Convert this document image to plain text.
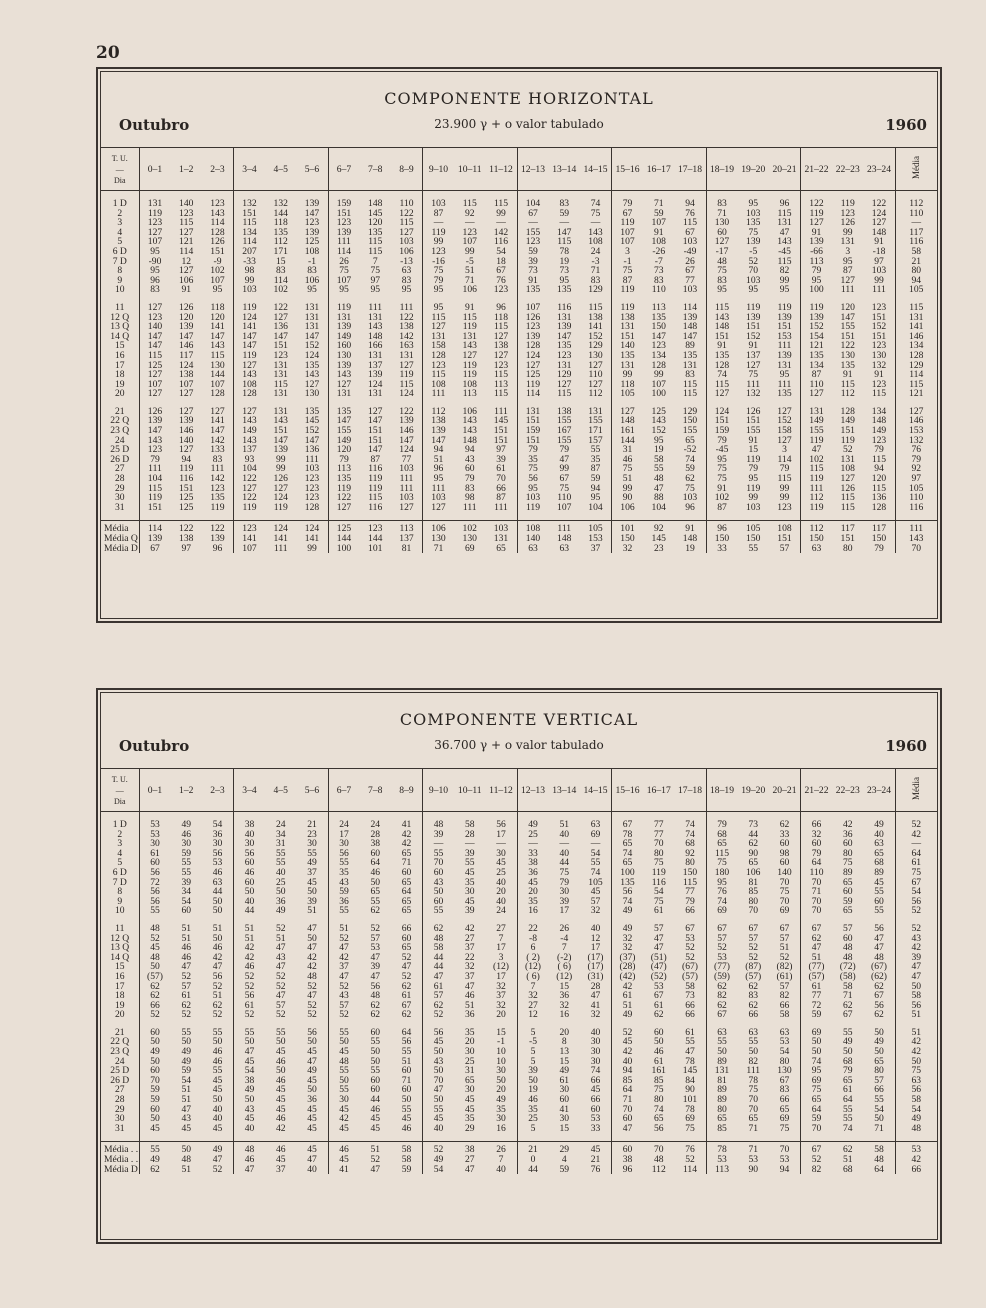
20
COMPONENTE HORIZONTAL
Outubro	23.900 γ + o valor tabulado	1960
T. U.
—
Dia	0–1	1–2	2–3	3–4	4–5	5–6	6–7	7–8	8–9	9–10	10–11	11–12	12–13	13–14	14–15	15–16	16–17	17–18	18–19	19–20	20–21	21–22	22–23	23–24	Média

1 D	131	140	123	132	132	139	159	148	110	103	115	115	104	83	74	79	71	94	83	95	96	122	119	122	112
2	119	123	143	151	144	147	151	145	122	87	92	99	67	59	75	67	59	76	71	103	115	119	123	124	110
3	123	115	114	115	118	123	123	120	115	—	—	—	—	—	—	119	107	115	130	135	131	127	126	127	—
4	127	127	128	134	135	139	139	135	127	119	123	142	155	147	143	107	91	67	60	75	47	91	99	148	117
5	107	121	126	114	112	125	111	115	103	99	107	116	123	115	108	107	108	103	127	139	143	139	131	91	116
6 D	95	114	151	207	171	108	114	115	106	123	99	54	59	78	24	3	-26	-49	-17	-5	-45	-66	3	-18	58
7 D	-90	12	-9	-33	15	-1	26	7	-13	-16	-5	18	39	19	-3	-1	-7	26	48	52	115	113	95	97	21
8	95	127	102	98	83	83	75	75	63	75	51	67	73	73	71	75	73	67	75	70	82	79	87	103	80
9	96	106	107	99	114	106	107	97	83	79	71	76	91	95	83	87	83	77	83	103	99	95	127	99	94
10	83	91	95	103	102	95	95	95	95	95	106	123	135	135	129	119	110	103	95	95	95	100	111	111	105

11	127	126	118	119	122	131	119	111	111	95	91	96	107	116	115	119	113	114	115	119	119	119	120	123	115
12 Q	123	120	120	124	127	131	131	131	122	115	115	118	126	131	138	138	135	139	143	139	139	139	147	151	131
13 Q	140	139	141	141	136	131	139	143	138	127	119	115	123	139	141	131	150	148	148	151	151	152	155	152	141
14 Q	147	147	147	147	147	147	149	148	142	131	131	127	139	147	152	151	147	147	151	152	153	154	151	151	146
15	147	146	143	147	151	152	160	166	163	158	143	138	128	135	129	140	123	89	91	91	111	121	122	123	134
16	115	117	115	119	123	124	130	131	131	128	127	127	124	123	130	135	134	135	135	137	139	135	130	130	128
17	125	124	130	127	131	135	139	137	127	123	119	123	127	131	127	131	128	131	128	127	131	134	135	132	129
18	127	138	144	143	131	143	143	139	119	115	119	115	125	129	110	99	99	83	74	75	95	87	91	91	114
19	107	107	107	108	115	127	127	124	115	108	108	113	119	127	127	118	107	115	115	111	111	110	115	123	115
20	127	127	128	128	131	130	131	131	124	111	113	115	114	115	112	105	100	115	127	132	135	127	112	115	121

21	126	127	127	127	131	135	135	127	122	112	106	111	131	138	131	127	125	129	124	126	127	131	128	134	127
22 Q	139	139	141	143	143	145	147	147	139	138	143	145	151	155	155	148	143	150	151	151	152	149	149	148	146
23 Q	147	146	147	149	151	152	155	151	146	139	143	151	159	167	171	161	152	155	159	155	158	155	151	149	153
24	143	140	142	143	147	147	149	151	147	147	148	151	151	155	157	144	95	65	79	91	127	119	119	123	132
25 D	123	127	133	137	139	136	120	147	124	94	94	97	79	79	55	31	19	-52	-45	15	3	47	52	79	76
26 D	79	94	83	93	99	111	79	87	77	51	43	39	35	47	35	46	58	74	95	119	114	102	131	115	79
27	111	119	111	104	99	103	113	116	103	96	60	61	75	99	87	75	55	59	75	79	79	115	108	94	92
28	104	116	142	122	126	123	135	119	111	95	79	70	56	67	59	51	48	62	75	95	115	119	127	120	97
29	115	151	123	127	127	123	119	119	111	111	83	66	95	75	94	99	47	75	91	119	99	111	126	115	105
30	119	125	135	122	124	123	122	115	103	103	98	87	103	110	95	90	88	103	102	99	99	112	115	136	110
31	151	125	119	119	119	128	127	116	127	127	111	111	119	107	104	106	104	96	87	103	123	119	115	128	116

Média	114	122	122	123	124	124	125	123	113	106	102	103	108	111	105	101	92	91	96	105	108	112	117	117	111
Média Q	139	138	139	141	141	141	144	144	137	130	130	131	140	148	153	150	145	148	150	150	151	150	151	150	143
Média D	67	97	96	107	111	99	100	101	81	71	69	65	63	63	37	32	23	19	33	55	57	63	80	79	70
COMPONENTE VERTICAL
Outubro	36.700 γ + o valor tabulado	1960
T. U.
—
Dia	0–1	1–2	2–3	3–4	4–5	5–6	6–7	7–8	8–9	9–10	10–11	11–12	12–13	13–14	14–15	15–16	16–17	17–18	18–19	19–20	20–21	21–22	22–23	23–24	Média

1 D	53	49	54	38	24	21	24	24	41	48	58	56	49	51	63	67	77	74	79	73	62	66	42	49	52
2	53	46	36	40	34	23	17	28	42	39	28	17	25	40	69	78	77	74	68	44	33	32	36	40	42
3	30	30	30	30	31	30	30	38	42	—	—	—	—	—	—	65	70	68	65	62	60	60	60	63	—
4	61	59	56	56	55	55	56	60	65	55	39	30	33	40	54	74	80	92	115	90	98	79	80	65	64
5	60	55	53	60	55	49	55	64	71	70	55	45	38	44	55	65	75	80	75	65	60	64	75	68	61
6 D	56	55	46	46	40	37	35	46	60	60	45	25	36	75	74	100	119	150	180	106	140	110	89	89	75
7 D	72	39	63	60	25	45	43	50	65	43	35	40	45	79	105	135	116	115	95	81	70	70	65	45	67
8	56	34	44	50	50	50	59	65	64	50	30	20	20	30	45	56	54	77	76	85	75	71	60	55	54
9	56	54	50	40	36	39	36	55	65	60	45	40	35	39	57	74	75	79	74	80	70	70	59	60	56
10	55	60	50	44	49	51	55	62	65	55	39	24	16	17	32	49	61	66	69	70	69	70	65	55	52

11	48	51	51	51	52	47	51	52	66	62	42	27	22	26	40	49	57	67	67	67	67	67	57	56	52
12 Q	52	51	50	51	51	50	52	57	60	48	27	7	-8	-4	12	32	47	53	57	57	57	62	60	47	43
13 Q	45	46	46	42	47	47	47	53	65	58	37	17	6	7	17	32	47	52	52	52	51	47	48	47	42
14 Q	48	46	42	42	43	42	42	47	52	44	22	3	( 2)	(-2)	(17)	(37)	(51)	52	53	52	52	51	48	48	39
15	50	47	47	46	47	42	37	39	47	44	32	(12)	(12)	( 6)	(17)	(28)	(47)	(67)	(77)	(87)	(82)	(77)	(72)	(67)	47
16	(57)	52	56	52	52	48	47	47	52	47	37	17	( 6)	(12)	(31)	(42)	(52)	(57)	(59)	(57)	(61)	(57)	(58)	(62)	47
17	62	57	52	52	52	52	52	56	62	61	47	32	7	15	28	42	53	58	62	62	57	61	58	62	50
18	62	61	51	56	47	47	43	48	61	57	46	37	32	36	47	61	67	73	82	83	82	77	71	67	58
19	66	62	62	61	57	52	57	62	67	62	51	32	27	32	41	51	61	66	62	62	66	72	62	56	56
20	52	52	52	52	52	52	52	62	62	52	36	20	12	16	32	49	62	66	67	66	58	59	67	62	51

21	60	55	55	55	55	56	55	60	64	56	35	15	5	20	40	52	60	61	63	63	63	69	55	50	51
22 Q	50	50	50	50	50	50	50	55	56	45	20	-1	-5	8	30	45	50	55	55	55	53	50	49	49	42
23 Q	49	49	46	47	45	45	45	50	55	50	30	10	5	13	30	42	46	47	50	50	54	50	50	50	42
24	50	49	46	45	46	47	48	50	51	43	25	10	5	15	30	40	61	78	89	82	80	74	68	65	50
25 D	60	59	55	54	50	49	55	55	60	50	31	30	39	49	74	94	161	145	131	111	130	95	79	80	75
26 D	70	54	45	38	46	45	50	60	71	70	65	50	50	61	66	85	85	84	81	78	67	69	65	57	63
27	59	51	45	49	45	50	55	60	60	47	30	20	19	30	45	64	75	90	89	75	83	75	61	66	56
28	59	51	50	50	45	36	30	44	50	50	45	49	46	60	66	71	80	101	89	70	66	65	64	55	58
29	60	47	40	43	45	45	45	46	55	55	45	35	35	41	60	70	74	78	80	70	65	64	55	54	54
30	50	43	40	45	46	45	42	45	45	45	35	30	25	30	53	60	65	69	65	65	69	59	55	50	49
31	45	45	45	40	42	45	45	45	46	40	29	16	5	15	33	47	56	75	85	71	75	70	74	71	48

Média . .	55	50	49	48	46	45	46	51	58	52	38	26	21	29	45	60	70	76	78	71	70	67	62	58	53
Média . .	49	48	47	46	45	47	45	52	58	49	27	7	0	4	21	38	48	52	53	53	53	52	51	48	42
Média D	62	51	52	47	37	40	41	47	59	54	47	40	44	59	76	96	112	114	113	90	94	82	68	64	66
